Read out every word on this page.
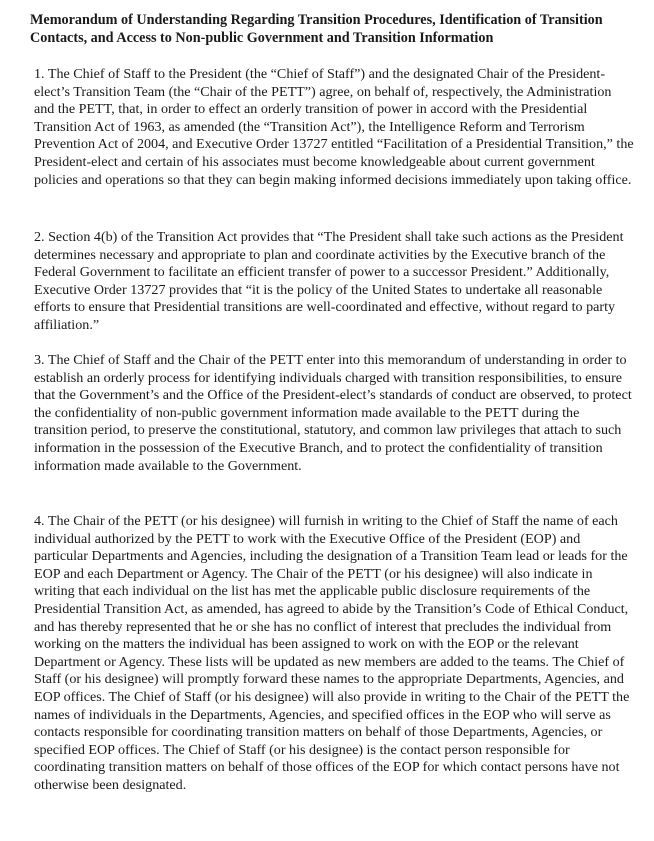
Memorandum of Understanding Regarding Transition Procedures, Identification of Transition Contacts, and Access to Non-public Government and Transition Information

1. The Chief of Staff to the President (the “Chief of Staff”) and the designated Chair of the President-elect’s Transition Team (the “Chair of the PETT”) agree, on behalf of, respectively, the Administration and the PETT, that, in order to effect an orderly transition of power in accord with the Presidential Transition Act of 1963, as amended (the “Transition Act”), the Intelligence Reform and Terrorism Prevention Act of 2004, and Executive Order 13727 entitled “Facilitation of a Presidential Transition,” the President-elect and certain of his associates must become knowledgeable about current government policies and operations so that they can begin making informed decisions immediately upon taking office.

2. Section 4(b) of the Transition Act provides that “The President shall take such actions as the President determines necessary and appropriate to plan and coordinate activities by the Executive branch of the Federal Government to facilitate an efficient transfer of power to a successor President.” Additionally, Executive Order 13727 provides that “it is the policy of the United States to undertake all reasonable efforts to ensure that Presidential transitions are well-coordinated and effective, without regard to party affiliation.”

3. The Chief of Staff and the Chair of the PETT enter into this memorandum of understanding in order to establish an orderly process for identifying individuals charged with transition responsibilities, to ensure that the Government’s and the Office of the President-elect’s standards of conduct are observed, to protect the confidentiality of non-public government information made available to the PETT during the transition period, to preserve the constitutional, statutory, and common law privileges that attach to such information in the possession of the Executive Branch, and to protect the confidentiality of transition information made available to the Government.

4. The Chair of the PETT (or his designee) will furnish in writing to the Chief of Staff the name of each individual authorized by the PETT to work with the Executive Office of the President (EOP) and particular Departments and Agencies, including the designation of a Transition Team lead or leads for the EOP and each Department or Agency. The Chair of the PETT (or his designee) will also indicate in writing that each individual on the list has met the applicable public disclosure requirements of the Presidential Transition Act, as amended, has agreed to abide by the Transition’s Code of Ethical Conduct, and has thereby represented that he or she has no conflict of interest that precludes the individual from working on the matters the individual has been assigned to work on with the EOP or the relevant Department or Agency. These lists will be updated as new members are added to the teams. The Chief of Staff (or his designee) will promptly forward these names to the appropriate Departments, Agencies, and EOP offices. The Chief of Staff (or his designee) will also provide in writing to the Chair of the PETT the names of individuals in the Departments, Agencies, and specified offices in the EOP who will serve as contacts responsible for coordinating transition matters on behalf of those Departments, Agencies, or specified EOP offices. The Chief of Staff (or his designee) is the contact person responsible for coordinating transition matters on behalf of those offices of the EOP for which contact persons have not otherwise been designated.
